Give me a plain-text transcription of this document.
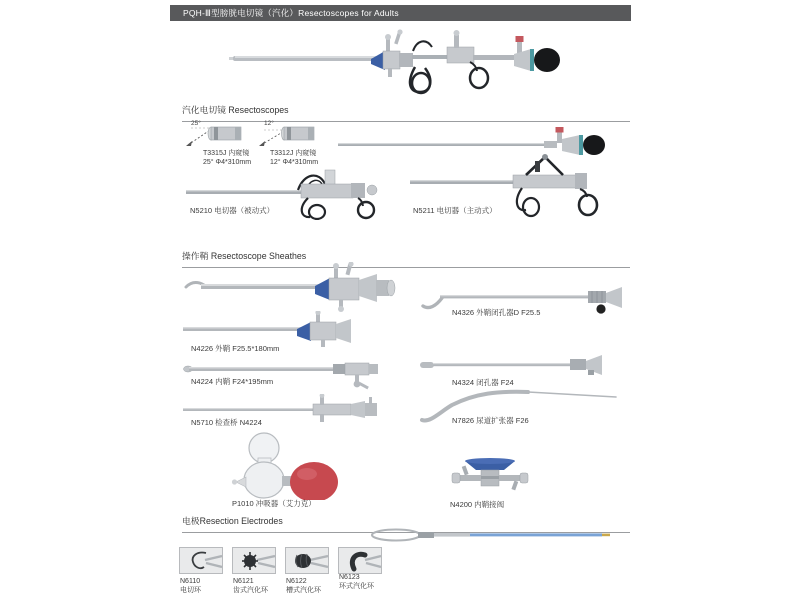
PQH-Ⅲ型膀胱电切镜（汽化）Resectoscopes for Adults
汽化电切镜 Resectoscopes
25°
T3315J 内窥镜
25° Φ4*310mm
12°
T3312J 内窥镜
12° Φ4*310mm
N5210 电切器（被动式）	N5211 电切器（主动式）
操作鞘 Resectoscope Sheathes
N4226 外鞘 F25.5*180mm
N4224 内鞘 F24*195mm
N5710 检查桥 N4224
N4326 外鞘闭孔器D F25.5
N4324 闭孔器 F24
N7826 尿道扩张器 F26
P1010 冲吸器（艾力克）	N4200 内鞘接阀
电极Resection Electrodes
N6110
电切环
N6121
齿式汽化环
N6122
槽式汽化环
N6123
环式汽化环
